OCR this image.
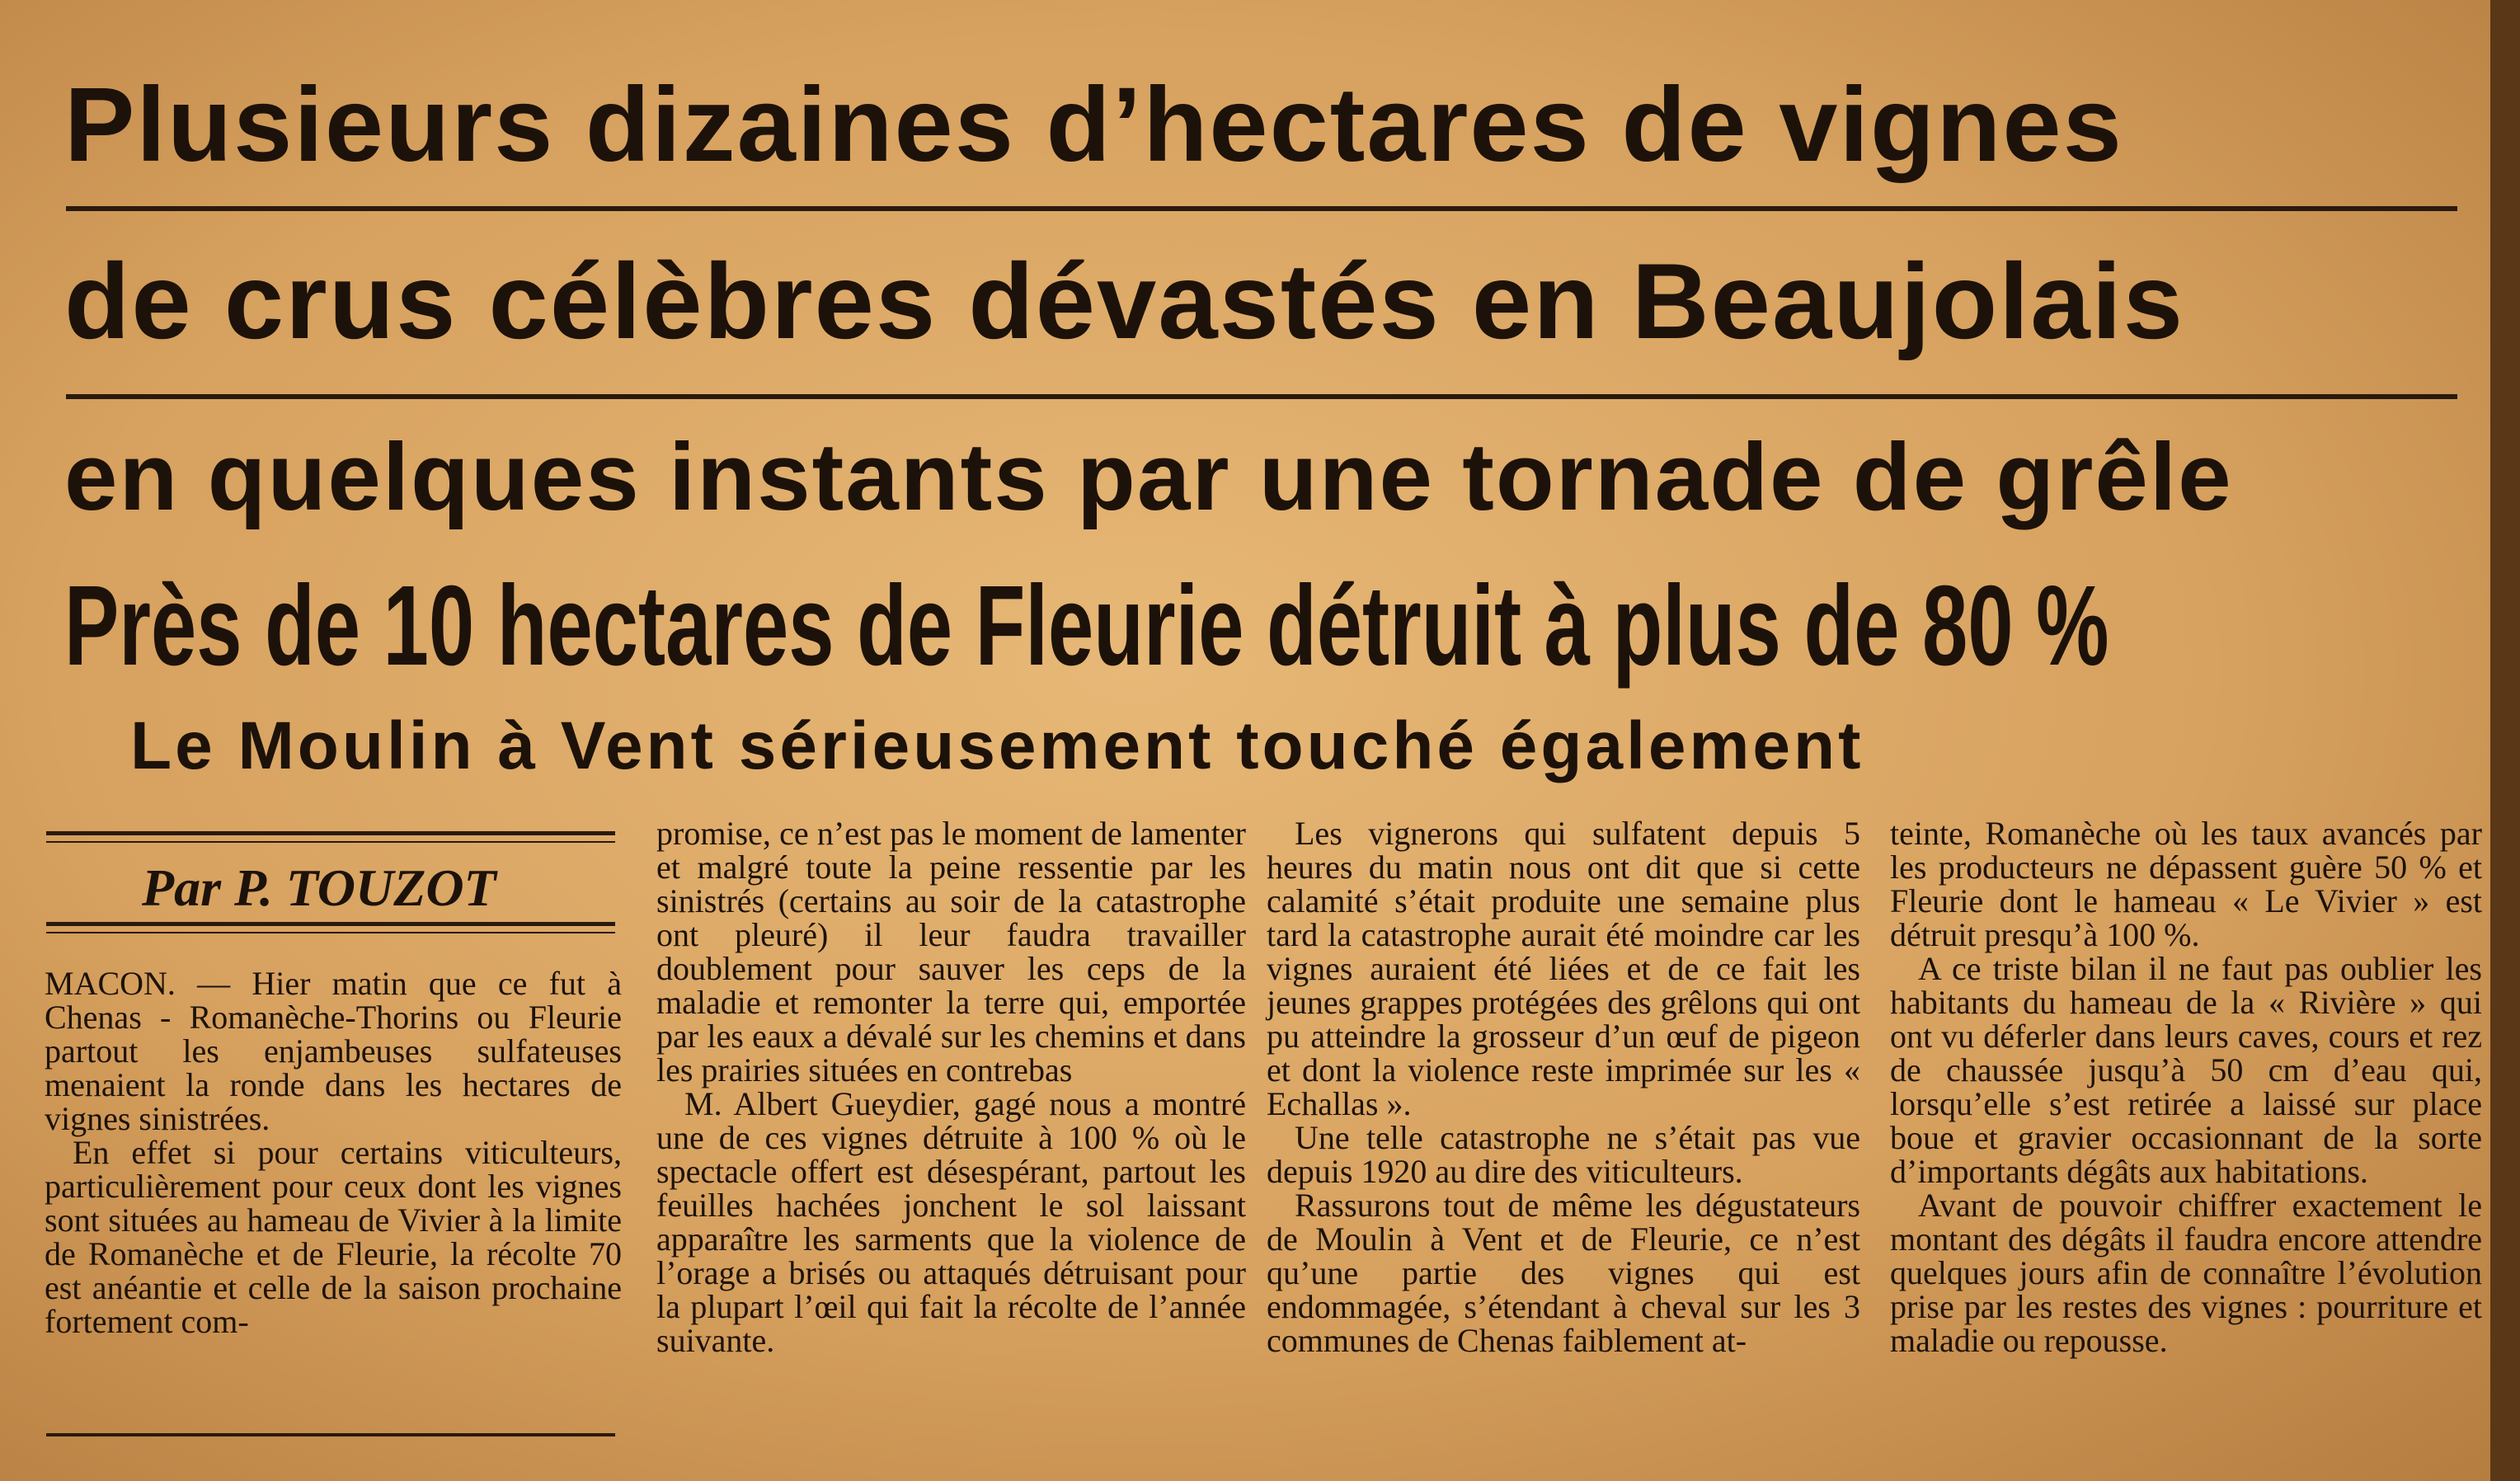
Plusieurs dizaines d’hectares de vignes
de crus célèbres dévastés en Beaujolais
en quelques instants par une tornade de grêle
Près de 10 hectares de Fleurie détruit à plus de 80 %
Le Moulin à Vent sérieusement touché également
Par P. TOUZOT

MACON. — Hier matin que ce fut à Chenas - Romanèche-Thorins ou Fleurie partout les enjambeuses sulfateuses menaient la ronde dans les hectares de vignes sinistrées.

En effet si pour certains viticulteurs, particulièrement pour ceux dont les vignes sont situées au hameau de Vivier à la limite de Romanèche et de Fleurie, la récolte 70 est anéantie et celle de la saison prochaine fortement com-

promise, ce n’est pas le moment de lamenter et malgré toute la peine ressentie par les sinistrés (certains au soir de la catastrophe ont pleuré) il leur faudra travailler doublement pour sauver les ceps de la maladie et remonter la terre qui, emportée par les eaux a dévalé sur les chemins et dans les prairies situées en contrebas

M. Albert Gueydier, gagé nous a montré une de ces vignes détruite à 100 % où le spectacle offert est désespérant, partout les feuilles hachées jonchent le sol laissant apparaître les sarments que la violence de l’orage a brisés ou attaqués détruisant pour la plupart l’œil qui fait la récolte de l’année suivante.

Les vignerons qui sulfatent depuis 5 heures du matin nous ont dit que si cette calamité s’était produite une semaine plus tard la catastrophe aurait été moindre car les vignes auraient été liées et de ce fait les jeunes grappes protégées des grêlons qui ont pu atteindre la grosseur d’un œuf de pigeon et dont la violence reste imprimée sur les « Echallas ».

Une telle catastrophe ne s’était pas vue depuis 1920 au dire des viticulteurs.

Rassurons tout de même les dégustateurs de Moulin à Vent et de Fleurie, ce n’est qu’une partie des vignes qui est endommagée, s’étendant à cheval sur les 3 communes de Chenas faiblement at-

teinte, Romanèche où les taux avancés par les producteurs ne dépassent guère 50 % et Fleurie dont le hameau « Le Vivier » est détruit presqu’à 100 %.

A ce triste bilan il ne faut pas oublier les habitants du hameau de la « Rivière » qui ont vu déferler dans leurs caves, cours et rez de chaussée jusqu’à 50 cm d’eau qui, lorsqu’elle s’est retirée a laissé sur place boue et gravier occasionnant de la sorte d’importants dégâts aux habitations.

Avant de pouvoir chiffrer exactement le montant des dégâts il faudra encore attendre quelques jours afin de connaître l’évolution prise par les restes des vignes : pourriture et maladie ou repousse.
